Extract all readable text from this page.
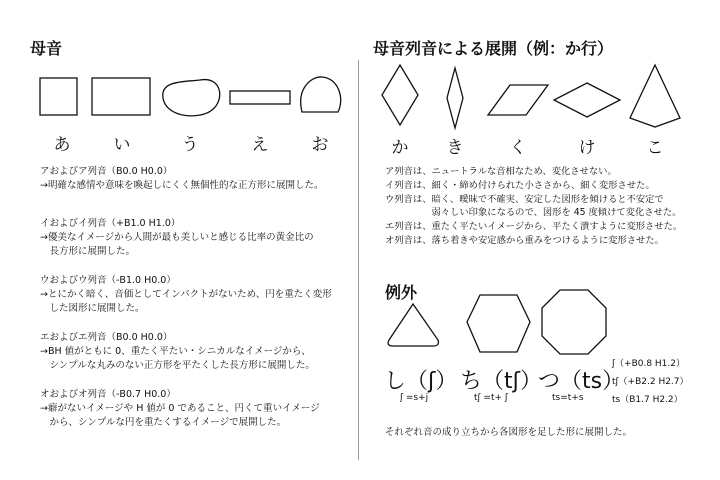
母音	母音列音による展開（例：か行）
あ	い	う	え	お	か	き	く	け	こ
アおよびア列音（B0.0 H0.0）
→明確な感情や意味を喚起しにくく無個性的な正方形に展開した。
イおよびイ列音（+B1.0 H1.0）
→優美なイメージから人間が最も美しいと感じる比率の黄金比の
　長方形に展開した。
ウおよびウ列音（-B1.0 H0.0）
→とにかく暗く、音価としてインパクトがないため、円を重たく変形
　した図形に展開した。
エおよびエ列音（B0.0 H0.0）
→BH 値がともに 0、重たく平たい・シニカルなイメージから、
　シンプルな丸みのない正方形を平たくした長方形に展開した。
オおよびオ列音（-B0.7 H0.0）
→癖がないイメージや H 値が 0 であること、円くて重いイメージ
　から、シンプルな円を重たくするイメージで展開した。
ア列音は、ニュートラルな音相なため、変化させない。
イ列音は、細く・締め付けられた小ささから、細く変形させた。
ウ列音は、暗く、曖昧で不確実、安定した図形を傾けると不安定で
　　　　　弱々しい印象になるので、図形を 45 度傾けて変化させた。
エ列音は、重たく平たいイメージから、平たく潰すように変形させた。
オ列音は、落ち着きや安定感から重みをつけるように変形させた。
例外
し（ʃ） ち（tʃ）
つ（ts）
ʃ =s+j	tʃ =t+ ʃ	ts=t+s
ʃ（+B0.8 H1.2）
tʃ（+B2.2 H2.7）
ts（B1.7 H2.2）
それぞれ音の成り立ちから各図形を足した形に展開した。
